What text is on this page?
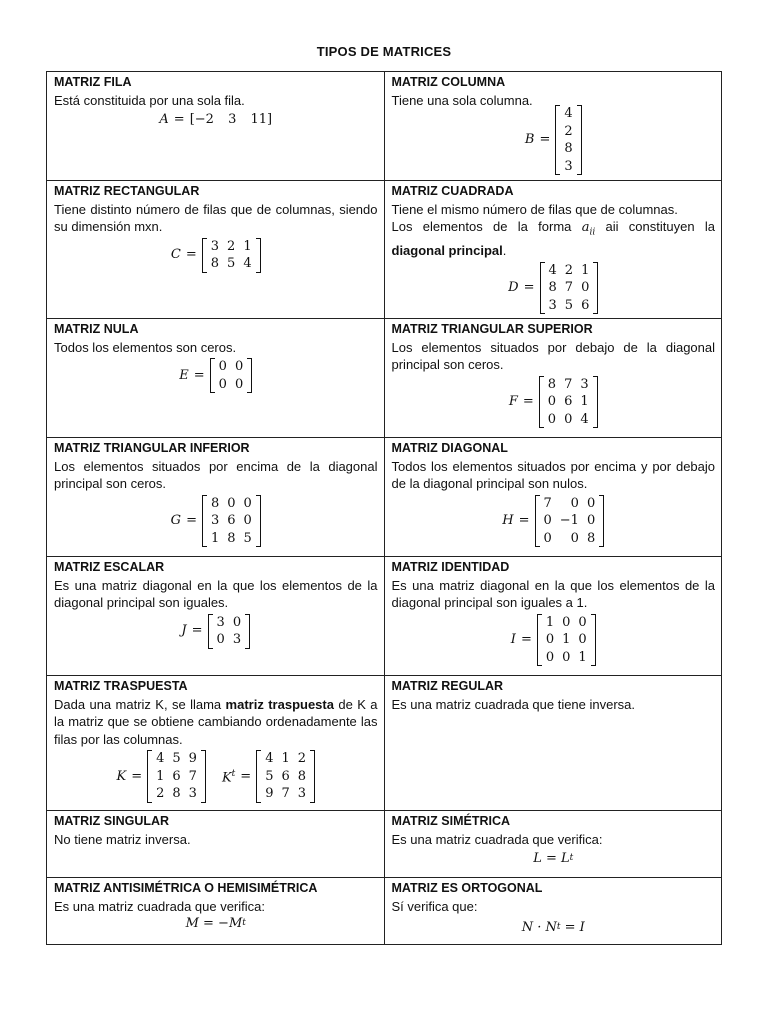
TIPOS DE MATRICES
MATRIZ FILA
Está constituida por una sola fila.
A = [−2 3 11]

MATRIZ COLUMNA
Tiene una sola columna.
B =
4
2
8
3

MATRIZ RECTANGULAR
Tiene distinto número de filas que de columnas, siendo su dimensión mxn.
C =
3	2	1
8	5	4

MATRIZ CUADRADA
Tiene el mismo número de filas que de columnas.
Los elementos de la forma $a_{ii}$ aii constituyen la diagonal principal.
D =
4	2	1
8	7	0
3	5	6

MATRIZ NULA
Todos los elementos son ceros.
E =
0	0
0	0

MATRIZ TRIANGULAR SUPERIOR
Los elementos situados por debajo de la diagonal principal son ceros.
F =
8	7	3
0	6	1
0	0	4

MATRIZ TRIANGULAR INFERIOR
Los elementos situados por encima de la diagonal principal son ceros.
G =
8	0	0
3	6	0
1	8	5

MATRIZ DIAGONAL
Todos los elementos situados por encima y por debajo de la diagonal principal son nulos.
H =
7	0	0
0	−1	0
0	0	8

MATRIZ ESCALAR
Es una matriz diagonal en la que los elementos de la diagonal principal son iguales.
J =
3	0
0	3

MATRIZ IDENTIDAD
Es una matriz diagonal en la que los elementos de la diagonal principal son iguales a 1.
I =
1	0	0
0	1	0
0	0	1

MATRIZ TRASPUESTA
Dada una matriz K, se llama matriz traspuesta de K a la matriz que se obtiene cambiando ordenadamente las filas por las columnas.
K =
4	5	9
1	6	7
2	8	3
$K^t$ =
4	1	2
5	6	8
9	7	3

MATRIZ REGULAR
Es una matriz cuadrada que tiene inversa.

MATRIZ SINGULAR
No tiene matriz inversa.

MATRIZ SIMÉTRICA
Es una matriz cuadrada que verifica:
L = L t

MATRIZ ANTISIMÉTRICA O HEMISIMÉTRICA
Es una matriz cuadrada que verifica:
M = −M t

MATRIZ ES ORTOGONAL
Sí verifica que:
N · N t = I
